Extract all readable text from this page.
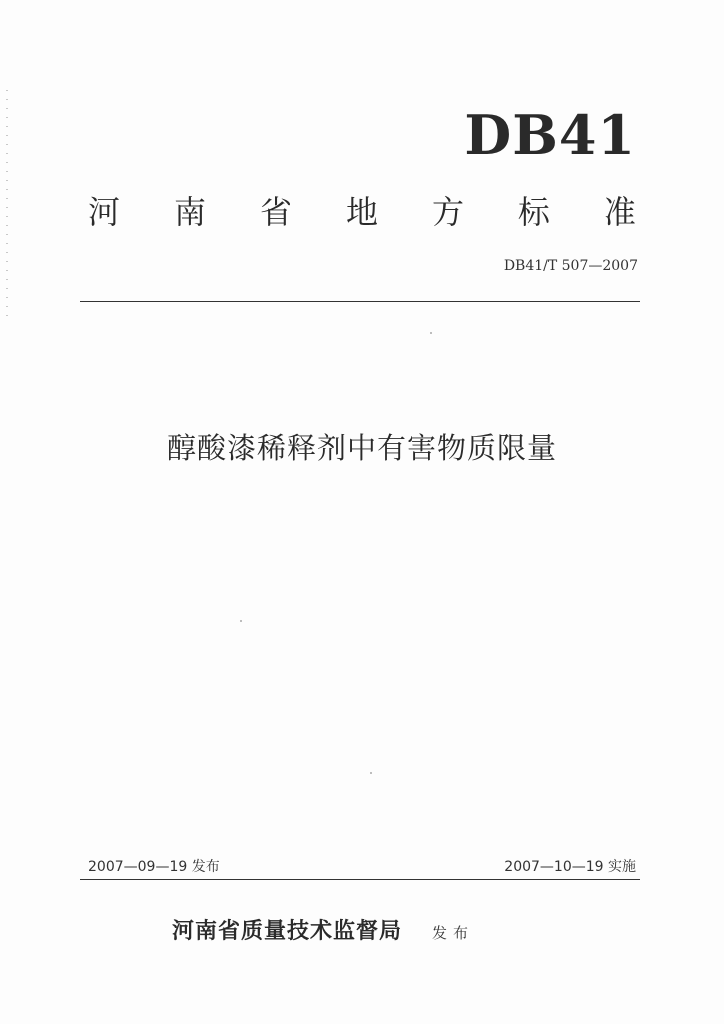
DB41
河 南 省 地 方 标 准
DB41/T 507—2007
醇酸漆稀释剂中有害物质限量
2007—09—19 发布	2007—10—19 实施
河南省质量技术监督局 发布
